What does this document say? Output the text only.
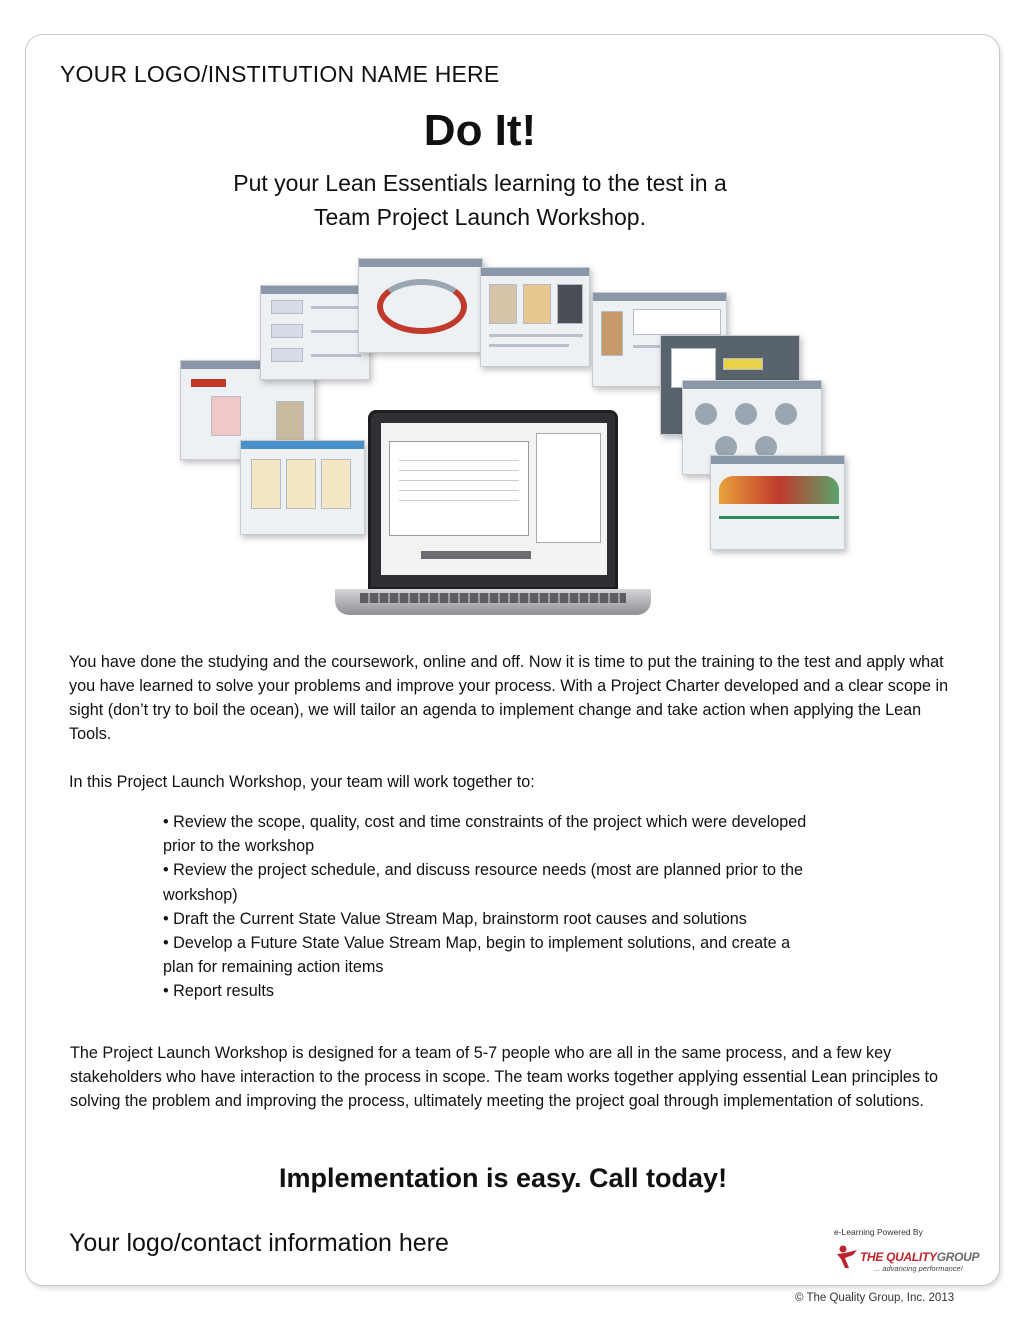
YOUR LOGO/INSTITUTION NAME HERE
Do It!
Put your Lean Essentials learning to the test in a
Team Project Launch Workshop.

You have done the studying and the coursework, online and off. Now it is time to put the training to the test and apply what you have learned to solve your problems and improve your process. With a Project Charter developed and a clear scope in sight (don’t try to boil the ocean), we will tailor an agenda to implement change and take action when applying the Lean Tools.

In this Project Launch Workshop, your team will work together to:

• Review the scope, quality, cost and time constraints of the project which were developed prior to the workshop
• Review the project schedule, and discuss resource needs (most are planned prior to the workshop)
• Draft the Current State Value Stream Map, brainstorm root causes and solutions
• Develop a Future State Value Stream Map, begin to implement solutions, and create a plan for remaining action items
• Report results

The Project Launch Workshop is designed for a team of 5-7 people who are all in the same process, and a few key stakeholders who have interaction to the process in scope. The team works together applying essential Lean principles to solving the problem and improving the process, ultimately meeting the project goal through implementation of solutions.

Implementation is easy. Call today!
Your logo/contact information here	e-Learning Powered By
THE QUALITYGROUP
... advancing performance!
© The Quality Group, Inc. 2013
